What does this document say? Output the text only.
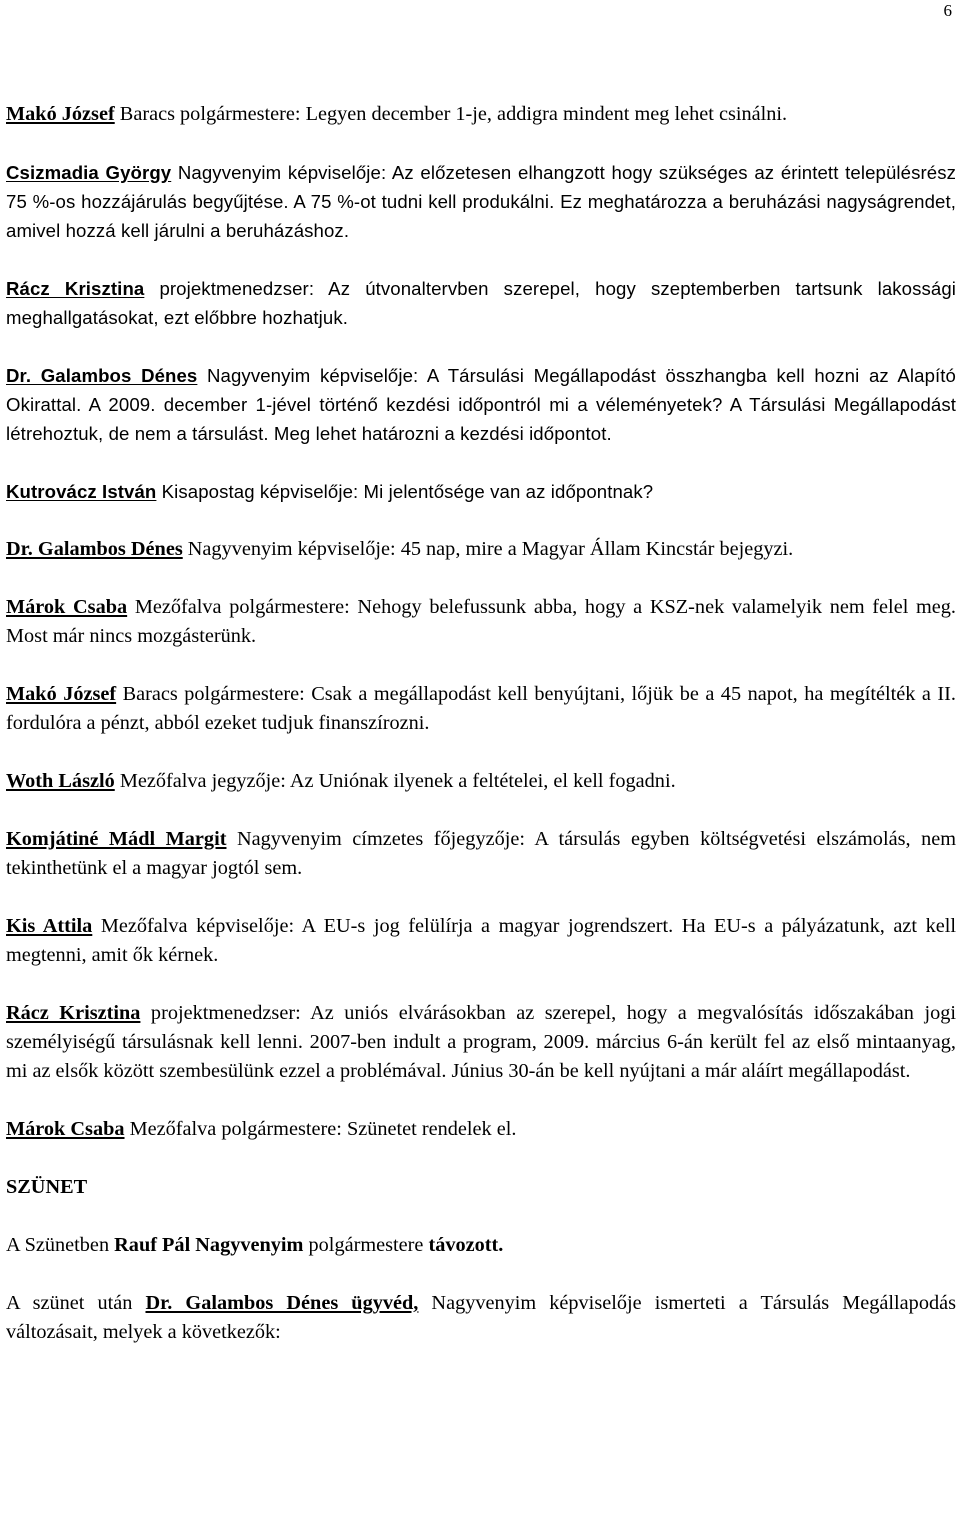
6

Makó József Baracs polgármestere: Legyen december 1-je, addigra mindent meg lehet csinálni.

Csizmadia György Nagyvenyim képviselője: Az előzetesen elhangzott hogy szükséges az érintett településrész 75 %-os hozzájárulás begyűjtése. A 75 %-ot tudni kell produkálni. Ez meghatározza a beruházási nagyságrendet, amivel hozzá kell járulni a beruházáshoz.

Rácz Krisztina projektmenedzser: Az útvonaltervben szerepel, hogy szeptemberben tartsunk lakossági meghallgatásokat, ezt előbbre hozhatjuk.

Dr. Galambos Dénes Nagyvenyim képviselője: A Társulási Megállapodást összhangba kell hozni az Alapító Okirattal. A 2009. december 1-jével történő kezdési időpontról mi a véleményetek? A Társulási Megállapodást létrehoztuk, de nem a társulást. Meg lehet határozni a kezdési időpontot.

Kutrovácz István Kisapostag képviselője: Mi jelentősége van az időpontnak?

Dr. Galambos Dénes Nagyvenyim képviselője: 45 nap, mire a Magyar Állam Kincstár bejegyzi.

Márok Csaba Mezőfalva polgármestere: Nehogy belefussunk abba, hogy a KSZ-nek valamelyik nem felel meg. Most már nincs mozgásterünk.

Makó József Baracs polgármestere: Csak a megállapodást kell benyújtani, lőjük be a 45 napot, ha megítélték a II. fordulóra a pénzt, abból ezeket tudjuk finanszírozni.

Woth László Mezőfalva jegyzője: Az Uniónak ilyenek a feltételei, el kell fogadni.

Komjátiné Mádl Margit Nagyvenyim címzetes főjegyzője: A társulás egyben költségvetési elszámolás, nem tekinthetünk el a magyar jogtól sem.

Kis Attila Mezőfalva képviselője: A EU-s jog felülírja a magyar jogrendszert. Ha EU-s a pályázatunk, azt kell megtenni, amit ők kérnek.

Rácz Krisztina projektmenedzser: Az uniós elvárásokban az szerepel, hogy a megvalósítás időszakában jogi személyiségű társulásnak kell lenni. 2007-ben indult a program, 2009. március 6-án került fel az első mintaanyag, mi az elsők között szembesülünk ezzel a problémával. Június 30-án be kell nyújtani a már aláírt megállapodást.

Márok Csaba Mezőfalva polgármestere: Szünetet rendelek el.

SZÜNET

A Szünetben Rauf Pál Nagyvenyim polgármestere távozott.

A szünet után Dr. Galambos Dénes ügyvéd, Nagyvenyim képviselője ismerteti a Társulás Megállapodás változásait, melyek a következők:
